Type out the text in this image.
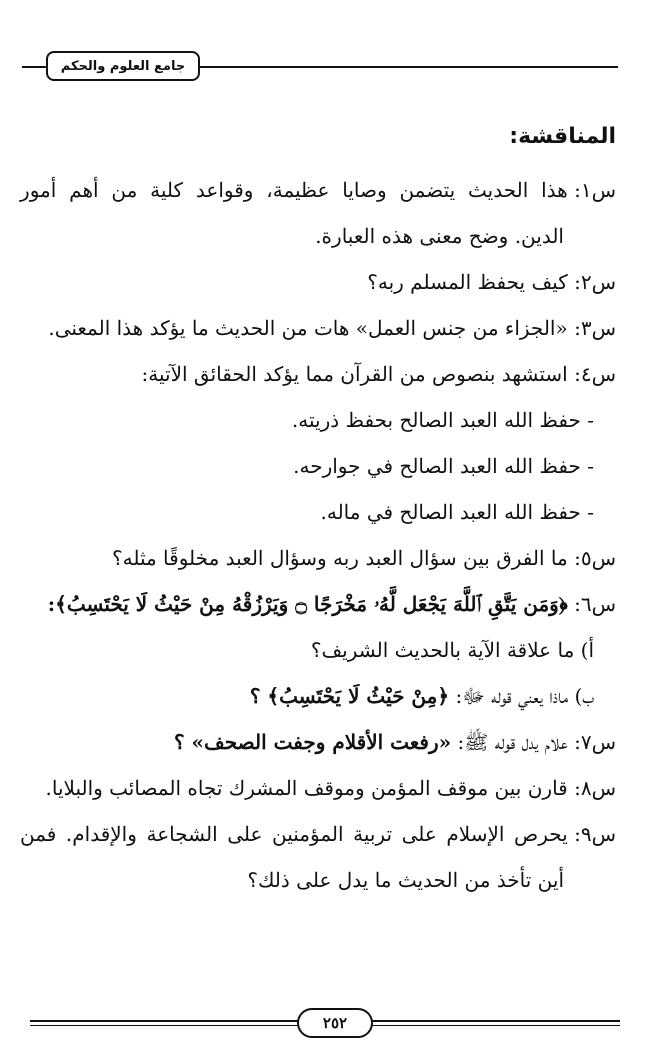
جامع العلوم والحكم
المناقشة:
س١: هذا
الحديث
يتضمن
وصايا
عظيمة،
وقواعد
كلية
من
أهم
أمور
الدين. وضح معنى هذه العبارة.
س٢: كيف يحفظ المسلم ربه؟
س٣: «الجزاء من جنس العمل» هات من الحديث ما يؤكد هذا المعنى.
س٤: استشهد بنصوص من القرآن مما يؤكد الحقائق الآتية:
- حفظ الله العبد الصالح بحفظ ذريته.
- حفظ الله العبد الصالح في جوارحه.
- حفظ الله العبد الصالح في ماله.
س٥: ما الفرق بين سؤال العبد ربه وسؤال العبد مخلوقًا مثله؟
س٦: ﴿وَمَن يَتَّقِ ٱللَّهَ يَجْعَل لَّهُۥ مَخْرَجًا ۝ وَيَرْزُقْهُ مِنْ حَيْثُ لَا يَحْتَسِبُ﴾:
أ) ما علاقة الآية بالحديث الشريف؟
ب) ماذا يعني قوله ﷻ: ﴿مِنْ حَيْثُ لَا يَحْتَسِبُ﴾ ؟
س٧: علام يدل قوله ﷺ: «رفعت الأقلام وجفت الصحف» ؟
س٨: قارن بين موقف المؤمن وموقف المشرك تجاه المصائب والبلايا.
س٩: يحرص
الإسلام
على
تربية
المؤمنين
على
الشجاعة
والإقدام.
فمن
أين تأخذ من الحديث ما يدل على ذلك؟
٢٥٢
